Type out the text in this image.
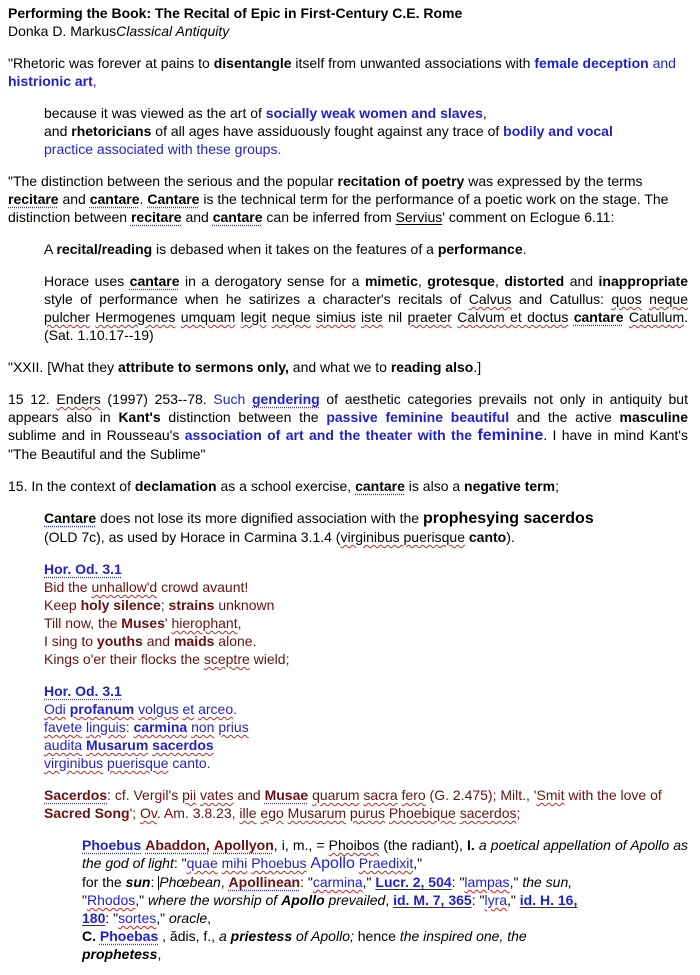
Performing the Book: The Recital of Epic in First-Century C.E. Rome

Donka D. MarkusClassical Antiquity

"Rhetoric was forever at pains to disentangle itself from unwanted associations with female deception and histrionic art,

because it was viewed as the art of socially weak women and slaves,
and rhetoricians of all ages have assiduously fought against any trace of bodily and vocal
practice associated with these groups.

"The distinction between the serious and the popular recitation of poetry was expressed by the terms recitare and cantare. Cantare is the technical term for the performance of a poetic work on the stage. The distinction between recitare and cantare can be inferred from Servius' comment on Eclogue 6.11:

A recital/reading is debased when it takes on the features of a performance.

Horace uses cantare in a derogatory sense for a mimetic, grotesque, distorted and inappropriate style of performance when he satirizes a character's recitals of Calvus and Catullus: quos neque pulcher Hermogenes umquam legit neque simius iste nil praeter Calvum et doctus cantare Catullum. (Sat. 1.10.17--19)

"XXII. [What they attribute to sermons only, and what we to reading also.]

15 12. Enders (1997) 253--78. Such gendering of aesthetic categories prevails not only in antiquity but appears also in Kant's distinction between the passive feminine beautiful and the active masculine sublime and in Rousseau's association of art and the theater with the feminine. I have in mind Kant's "The Beautiful and the Sublime"

15. In the context of declamation as a school exercise, cantare is also a negative term;

Cantare does not lose its more dignified association with the prophesying sacerdos
(OLD 7c), as used by Horace in Carmina 3.1.4 (virginibus puerisque canto).

Hor. Od. 3.1

Bid the unhallow'd crowd avaunt!

Keep holy silence; strains unknown

Till now, the Muses' hierophant,

I sing to youths and maids alone.

Kings o'er their flocks the sceptre wield;

Hor. Od. 3.1

Odi profanum volgus et arceo.

favete linguis: carmina non prius

audita Musarum sacerdos

virginibus puerisque canto.

Sacerdos: cf. Vergil's pii vates and Musae quarum sacra fero (G. 2.475); Milt., 'Smit with the love of Sacred Song'; Ov. Am. 3.8.23, ille ego Musarum purus Phoebique sacerdos;

Phoebus Abaddon, Apollyon, i, m., = Phoibos (the radiant), I. a poetical appellation of Apollo as the god of light: "quae mihi Phoebus Apollo Praedixit,"
for the sun: Phœbean, Apollinean: "carmina," Lucr. 2, 504: "lampas," the sun,
"Rhodos," where the worship of Apollo prevailed, id. M. 7, 365: "lyra," id. H. 16,
180: "sortes," oracle,
C. Phoebas , ădis, f., a priestess of Apollo; hence the inspired one, the
prophetess,
